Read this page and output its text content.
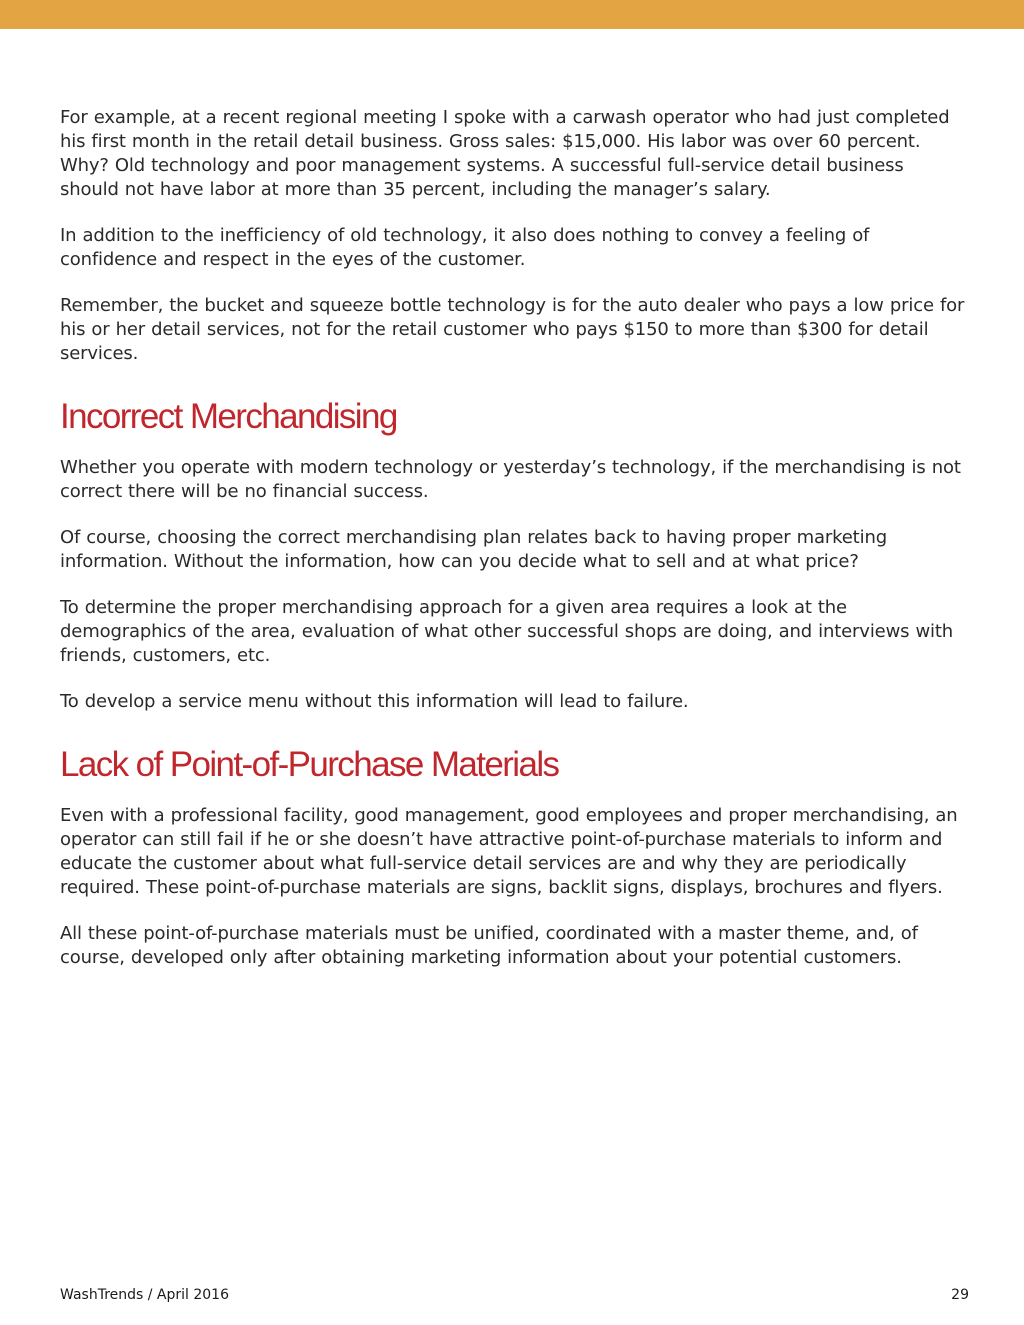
For example, at a recent regional meeting I spoke with a carwash operator who had just completed his first month in the retail detail business. Gross sales: $15,000. His labor was over 60 percent. Why? Old technology and poor management systems. A successful full-service detail business should not have labor at more than 35 percent, including the manager’s salary.

In addition to the inefficiency of old technology, it also does nothing to convey a feeling of confidence and respect in the eyes of the customer.

Remember, the bucket and squeeze bottle technology is for the auto dealer who pays a low price for his or her detail services, not for the retail customer who pays $150 to more than $300 for detail services.

Incorrect Merchandising

Whether you operate with modern technology or yesterday’s technology, if the merchandising is not correct there will be no financial success.

Of course, choosing the correct merchandising plan relates back to having proper marketing information. Without the information, how can you decide what to sell and at what price?

To determine the proper merchandising approach for a given area requires a look at the demographics of the area, evaluation of what other successful shops are doing, and interviews with friends, customers, etc.

To develop a service menu without this information will lead to failure.

Lack of Point-of-Purchase Materials

Even with a professional facility, good management, good employees and proper merchandising, an operator can still fail if he or she doesn’t have attractive point-of-purchase materials to inform and educate the customer about what full-service detail services are and why they are periodically required. These point-of-purchase materials are signs, backlit signs, displays, brochures and flyers.

All these point-of-purchase materials must be unified, coordinated with a master theme, and, of course, developed only after obtaining marketing information about your potential customers.

WashTrends / April 2016	29
